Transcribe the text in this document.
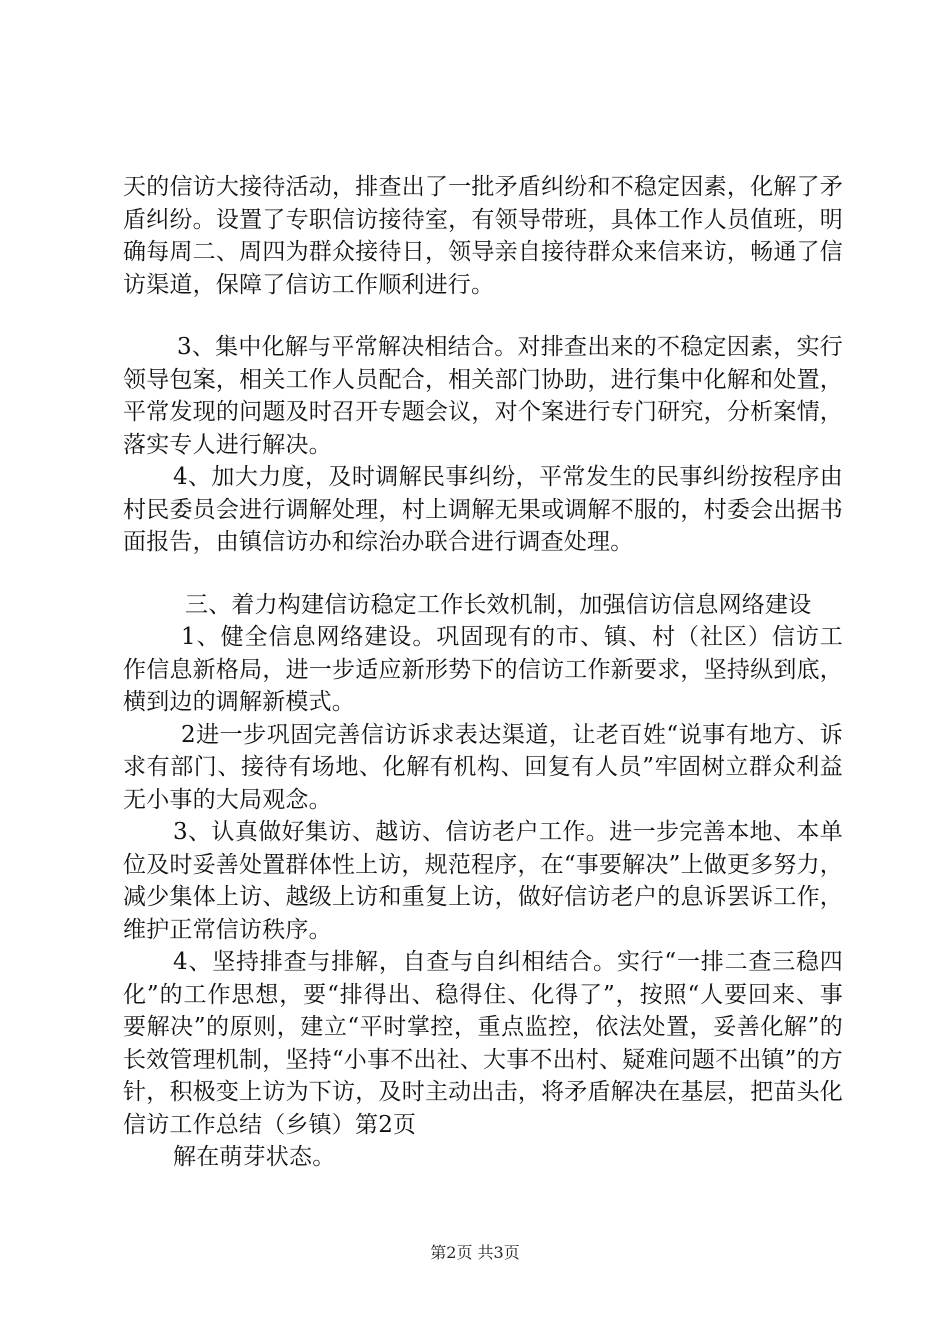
天的信访大接待活动，排查出了一批矛盾纠纷和不稳定因素，化解了矛盾纠纷。设置了专职信访接待室，有领导带班，具体工作人员值班，明确每周二、周四为群众接待日，领导亲自接待群众来信来访，畅通了信访渠道，保障了信访工作顺利进行。

3、集中化解与平常解决相结合。对排查出来的不稳定因素，实行领导包案，相关工作人员配合，相关部门协助，进行集中化解和处置，平常发现的问题及时召开专题会议，对个案进行专门研究，分析案情，落实专人进行解决。

4、加大力度，及时调解民事纠纷，平常发生的民事纠纷按程序由村民委员会进行调解处理，村上调解无果或调解不服的，村委会出据书面报告，由镇信访办和综治办联合进行调查处理。

三、着力构建信访稳定工作长效机制，加强信访信息网络建设

1、健全信息网络建设。巩固现有的市、镇、村（社区）信访工作信息新格局，进一步适应新形势下的信访工作新要求，坚持纵到底，横到边的调解新模式。

2进一步巩固完善信访诉求表达渠道，让老百姓“说事有地方、诉求有部门、接待有场地、化解有机构、回复有人员”牢固树立群众利益无小事的大局观念。

3、认真做好集访、越访、信访老户工作。进一步完善本地、本单位及时妥善处置群体性上访，规范程序，在“事要解决”上做更多努力，减少集体上访、越级上访和重复上访，做好信访老户的息诉罢诉工作，维护正常信访秩序。

4、坚持排查与排解，自查与自纠相结合。实行“一排二查三稳四化”的工作思想，要“排得出、稳得住、化得了”，按照“人要回来、事要解决”的原则，建立“平时掌控，重点监控，依法处置，妥善化解”的长效管理机制，坚持“小事不出社、大事不出村、疑难问题不出镇”的方针，积极变上访为下访，及时主动出击，将矛盾解决在基层，把苗头化信访工作总结（乡镇）第2页

解在萌芽状态。

第2页 共3页
